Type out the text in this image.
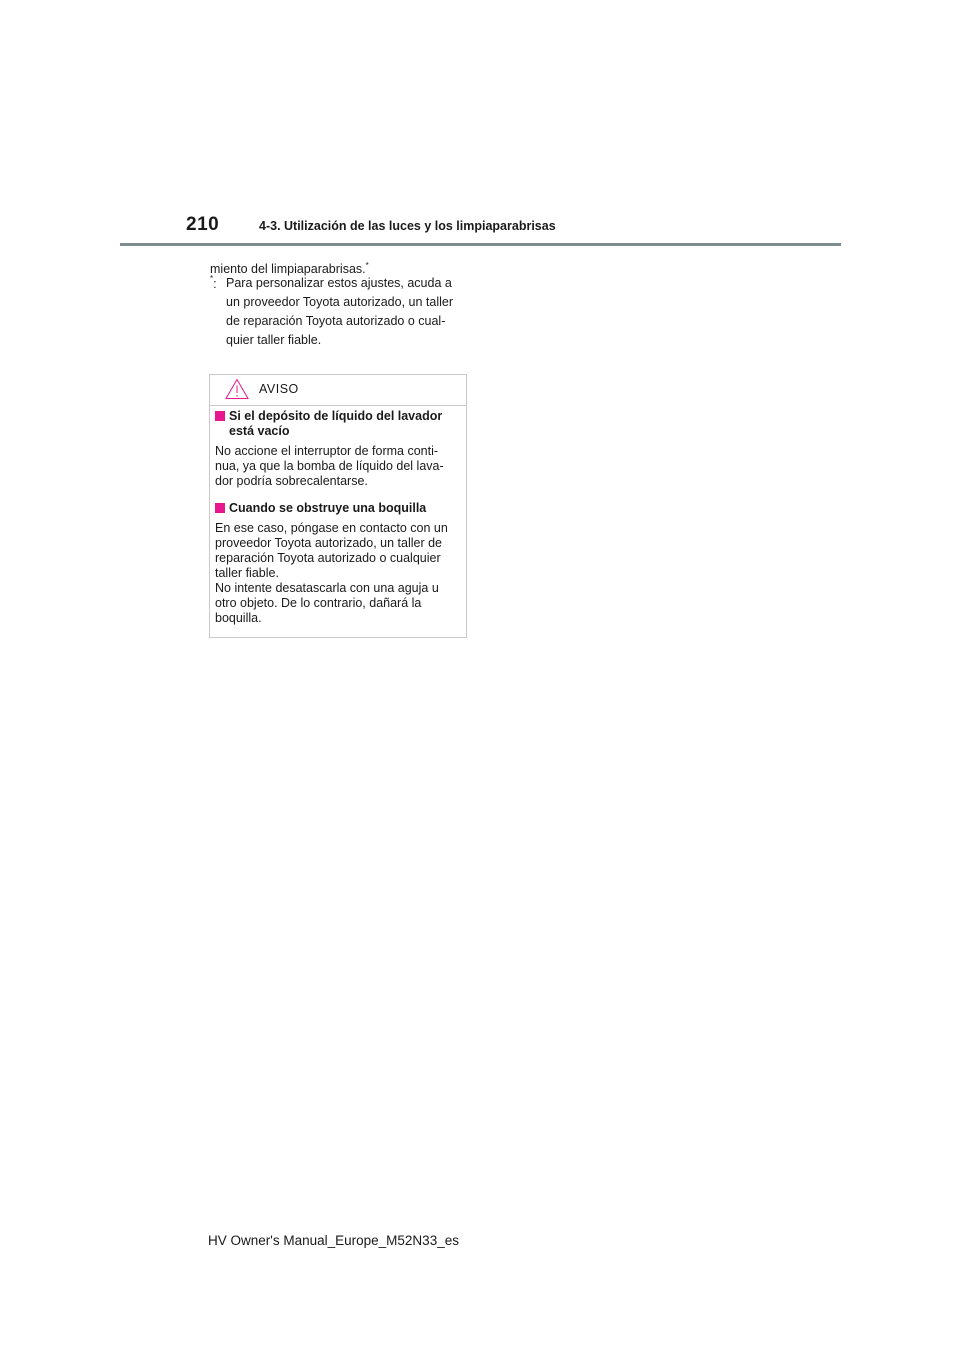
210	4-3. Utilización de las luces y los limpiaparabrisas
miento del limpiaparabrisas.*
*: Para personalizar estos ajustes, acuda a
un proveedor Toyota autorizado, un taller
de reparación Toyota autorizado o cual-
quier taller fiable.
AVISO
Si el depósito de líquido del lavador está vacío
No accione el interruptor de forma conti-
nua, ya que la bomba de líquido del lava-
dor podría sobrecalentarse.
Cuando se obstruye una boquilla
En ese caso, póngase en contacto con un
proveedor Toyota autorizado, un taller de
reparación Toyota autorizado o cualquier
taller fiable.
No intente desatascarla con una aguja u
otro objeto. De lo contrario, dañará la
boquilla.
HV Owner's Manual_Europe_M52N33_es
